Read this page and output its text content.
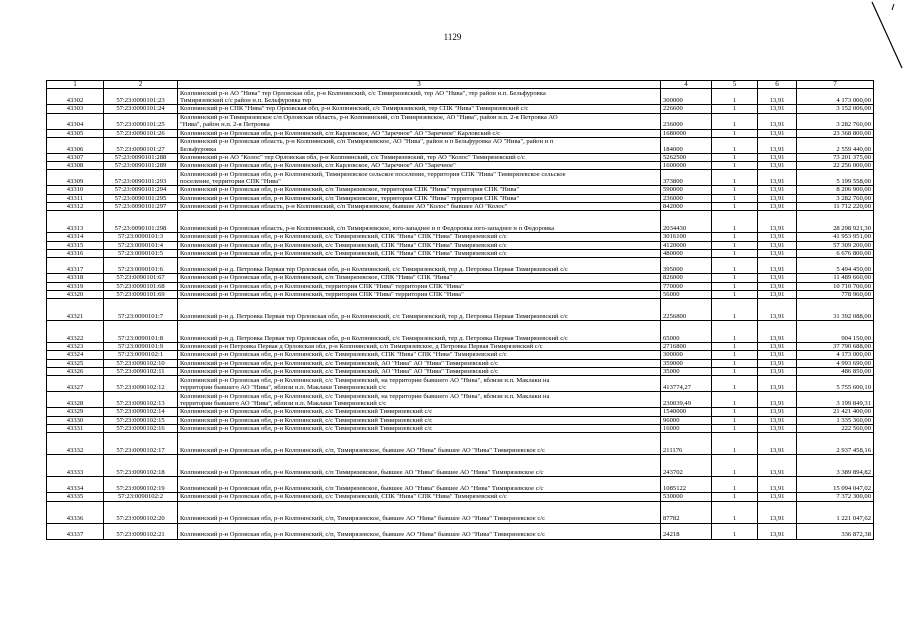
1129
1	2	3	4	5	6	7
43302	57:23:0090101:23	Колпнянский р-н АО "Нива" тер Орловская обл, р-н Колпнянский, с/с Тимирязевский, тер АО "Нива", тер район н.п. Бельфуровка
Тимирязевский с/с район н.п. Бельфуровка тер	300000	1	13,91	4 173 000,00
43303	57:23:0090101:24	Колпнянский р-н СПК "Нива" тер Орловская обл, р-н Колпнянский, с/с Тимирязевский, тер СПК "Нива" Тимирязевский с/с	226600	1	13,91	3 152 006,00
43304	57:23:0090101:25	Колпнянский р-н Тимирязевское с/п Орловская область, р-н Колпнянский, с/п Тимирязевское, АО "Нива", район н.п. 2-я Петровка АО
"Нива", район н.п. 2-я Петровка	236000	1	13,91	3 282 760,00
43305	57:23:0090101:26	Колпнянский р-н Орловская обл, р-н Колпнянский, с/п Карловское, АО "Заречное" АО "Заречное" Карловский с/с	1680000	1	13,91	23 368 800,00
43306	57:23:0090101:27	Колпнянский р-н Орловская область, р-н Колпнянский, с/п Тимирязевское, АО "Нива", район н п Бельфуровка АО "Нива", район н п
Бельфуровка	184000	1	13,91	2 559 440,00
43307	57:23:0090101:288	Колпнянский р-н АО "Колос" тер Орловская обл, р-н Колпнянский, с/с Тимирязевский, тер АО "Колос" Тимирязевский с/с	5262500	1	13,91	73 201 375,00
43308	57:23:0090101:289	Колпнянский р-н Орловская обл, р-н Колпнянский, с/п Карловское, АО "Заречное" АО "Заречное"	1600000	1	13,91	22 256 000,00
43309	57:23:0090101:293	Колпнянский р-н Орловская обл, р-н Колпнянский, Тимирязевское сельское поселение, территория СПК "Нива" Тимирязевское сельское
поселение, территория СПК "Нива"	373800	1	13,91	5 199 558,00
43310	57:23:0090101:294	Колпнянский р-н Орловская обл, р-н Колпнянский, с/п Тимирязевское, территория СПК "Нива" территория СПК "Нива"	590000	1	13,91	8 206 900,00
43311	57:23:0090101:295	Колпнянский р-н Орловская обл, р-н Колпнянский, с/п Тимирязевское, территория СПК "Нива" территория СПК "Нива"	236000	1	13,91	3 282 760,00
43312	57:23:0090101:297	Колпнянский р-н Орловская область, р-н Колпнянский, с/п Тимирязевское, бывшее АО "Колос" бывшее АО "Колос"	842000	1	13,91	11 712 220,00
43313	57:23:0090101:298	Колпнянский р-н Орловская область, р-н Колпнянский, с/п Тимирязевское, юго-западнее н п Федоровка юго-западнее н п Федоровка	2034430	1	13,91	28 298 921,30
43314	57:23:0090101:3	Колпнянский р-н Орловская обл, р-н Колпнянский, с/с Тимирязевский, СПК "Нива" СПК "Нива" Тимирязевский с/с	3016100	1	13,91	41 953 951,00
43315	57:23:0090101:4	Колпнянский р-н Орловская обл, р-н Колпнянский, с/с Тимирязевский, СПК "Нива" СПК "Нива" Тимирязевский с/с	4120000	1	13,91	57 309 200,00
43316	57:23:0090101:5	Колпнянский р-н Орловская обл, р-н Колпнянский, с/с Тимирязевский, СПК "Нива" СПК "Нива" Тимирязевский с/с	480000	1	13,91	6 676 800,00
43317	57:23:0090101:6	Колпнянский р-н д. Петровка Первая тер Орловская обл, р-н Колпнянский, с/с Тимирязевский, тер д. Петровка Первая Тимирязевский с/с	395000	1	13,91	5 494 450,00
43318	57:23:0090101:67	Колпнянский р-н Орловская обл, р-н Колпнянский, с/п Тимирязевское, СПК "Нива" СПК "Нива"	826000	1	13,91	11 489 660,00
43319	57:23:0090101:68	Колпнянский р-н Орловская обл, р-н Колпнянский, территория СПК "Нива" территория СПК "Нива"	770000	1	13,91	10 710 700,00
43320	57:23:0090101:69	Колпнянский р-н Орловская обл, р-н Колпнянский, территория СПК "Нива" территория СПК "Нива"	56000	1	13,91	778 960,00
43321	57:23:0090101:7	Колпнянский р-н д. Петровка Первая тер Орловская обл, р-н Колпнянский, с/с Тимирязевский, тер д. Петровка Первая Тимирязевский с/с	2256800	1	13,91	31 392 088,00
43322	57:23:0090101:8	Колпнянский р-н д. Петровка Первая тер Орловская обл, р-н Колпнянский, с/с Тимирязевский, тер д. Петровка Первая Тимирязевский с/с	65000	1	13,91	904 150,00
43323	57:23:0090101:9	Колпнянский р-н Петровка Первая д Орловская обл, р-н Колпнянский, с/п Тимирязевское, д Петровка Первая Тимирязевский с/с	2716800	1	13,91	37 790 688,00
43324	57:23:0090102:1	Колпнянский р-н Орловская обл, р-н Колпнянский, с/с Тимирязевский, СПК "Нива" СПК "Нива" Тимирязевский с/с	300000	1	13,91	4 173 000,00
43325	57:23:0090102:10	Колпнянский р-н Орловская обл, р-н Колпнянский, с/с Тимирязевский, АО "Нива" АО "Нива" Тимирязевский с/с	359000	1	13,91	4 993 690,00
43326	57:23:0090102:11	Колпнянский р-н Орловская обл, р-н Колпнянский, с/с Тимирязевский, АО "Нива" АО "Нива" Тимирязевский с/с	35000	1	13,91	486 850,00
43327	57:23:0090102:12	Колпнянский р-н Орловская обл, р-н Колпнянский, с/с Тимирязевский, на территории бывшего АО "Нива", вблизи н.п. Маклаки на
территории бывшего АО "Нива", вблизи н.п. Маклаки Тимирязевский с/с	413774,27	1	13,91	5 755 600,10
43328	57:23:0090102:13	Колпнянский р-н Орловская обл, р-н Колпнянский, с/с Тимирязевский, на территории бывшего АО "Нива", вблизи н.п. Маклаки на
территории бывшего АО "Нива", вблизи н.п. Маклаки Тимирязевский с/с	230039,49	1	13,91	3 199 849,31
43329	57:23:0090102:14	Колпнянский р-н Орловская обл, р-н Колпнянский, с/с Тимирязевский Тимирязевский с/с	1540000	1	13,91	21 421 400,00
43330	57:23:0090102:15	Колпнянский р-н Орловская обл, р-н Колпнянский, с/с Тимирязевский Тимирязевский с/с	96000	1	13,91	1 335 360,00
43331	57:23:0090102:16	Колпнянский р-н Орловская обл, р-н Колпнянский, с/с Тимирязевский Тимирязевский с/с	16000	1	13,91	222 560,00
43332	57:23:0090102:17	Колпнянский р-н Орловская обл, р-н Колпнянский, с/п, Тимирязевское, бывшее АО "Нива" бывшее АО "Нива" Тимирязевское с/с	211176	1	13,91	2 937 458,16
43333	57:23:0090102:18	Колпнянский р-н Орловская обл, р-н Колпнянский, с/п Тимирязевское, бывшее АО "Нива" бывшее АО "Нива" Тимирязевское с/с	243702	1	13,91	3 389 894,82
43334	57:23:0090102:19	Колпнянский р-н Орловская обл, р-н Колпнянский, с/п Тимирязевское, бывшее АО "Нива" бывшее АО "Нива" Тимирязевское с/с	1085122	1	13,91	15 094 047,02
43335	57:23:0090102:2	Колпнянский р-н Орловская обл, р-н Колпнянский, с/с Тимирязевский, СПК "Нива" СПК "Нива" Тимирязевский с/с	530000	1	13,91	7 372 300,00
43336	57:23:0090102:20	Колпнянский р-н Орловская обл, р-н Колпнянский, с/п, Тимирязевское, бывшее АО "Нива" бывшее АО "Нива" Тимирязевское с/с	87782	1	13,91	1 221 047,62
43337	57:23:0090102:21	Колпнянский р-н Орловская обл, р-н Колпнянский, с/п, Тимирязевское, бывшее АО "Нива" бывшее АО "Нива" Тимирязевское с/с	24218	1	13,91	336 872,38
